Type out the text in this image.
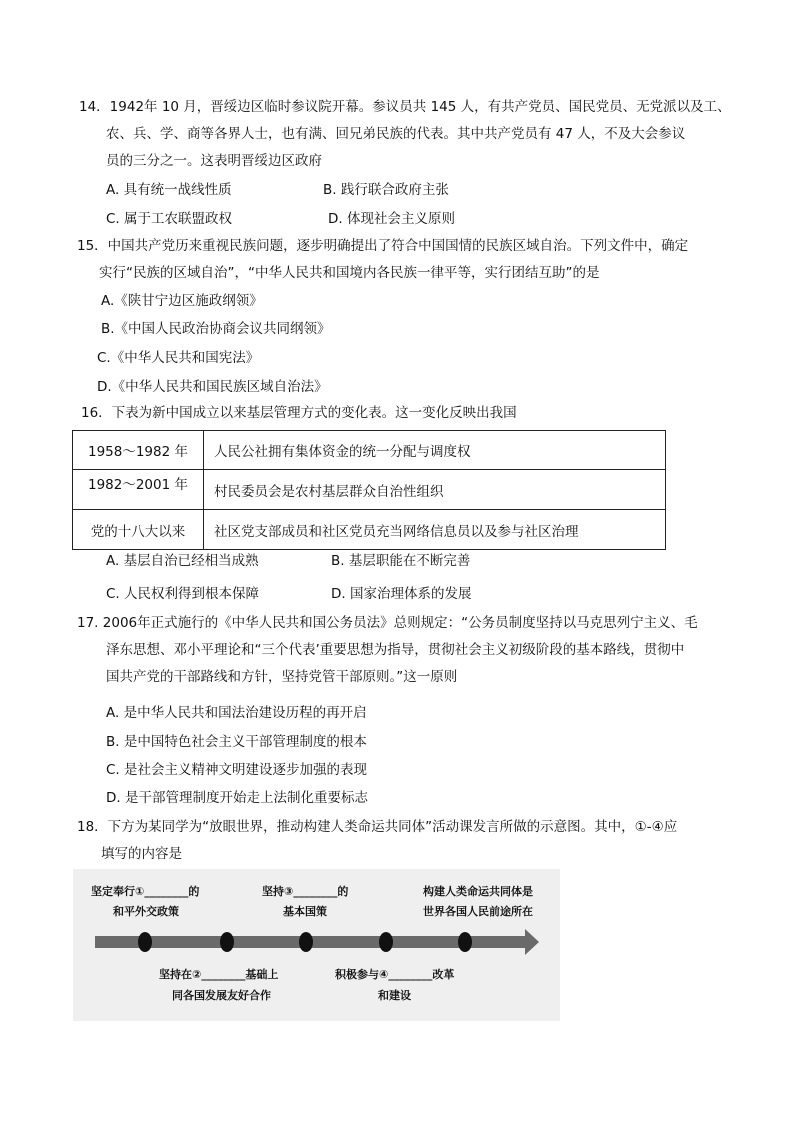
14．1942年 10 月，晋绥边区临时参议院开幕。参议员共 145 人，有共产党员、国民党员、无党派以及工、
农、兵、学、商等各界人士，也有满、回兄弟民族的代表。其中共产党员有 47 人，不及大会参议
员的三分之一。这表明晋绥边区政府
A. 具有统一战线性质	B. 践行联合政府主张
C. 属于工农联盟政权	D. 体现社会主义原则
15．中国共产党历来重视民族问题，逐步明确提出了符合中国国情的民族区域自治。下列文件中，确定
实行“民族的区域自治”，“中华人民共和国境内各民族一律平等，实行团结互助”的是
A.《陕甘宁边区施政纲领》
B.《中国人民政治协商会议共同纲领》
C.《中华人民共和国宪法》
D.《中华人民共和国民族区域自治法》
16．下表为新中国成立以来基层管理方式的变化表。这一变化反映出我国
1958～1982 年	人民公社拥有集体资金的统一分配与调度权
1982～2001 年	村民委员会是农村基层群众自治性组织
党的十八大以来	社区党支部成员和社区党员充当网络信息员以及参与社区治理
A. 基层自治已经相当成熟	B. 基层职能在不断完善
C. 人民权利得到根本保障	D. 国家治理体系的发展
17. 2006年正式施行的《中华人民共和国公务员法》总则规定：“公务员制度坚持以马克思列宁主义、毛
泽东思想、邓小平理论和“三个代表’重要思想为指导，贯彻社会主义初级阶段的基本路线，贯彻中
国共产党的干部路线和方针，坚持党管干部原则。”这一原则
A. 是中华人民共和国法治建设历程的再开启
B. 是中国特色社会主义干部管理制度的根本
C. 是社会主义精神文明建设逐步加强的表现
D. 是干部管理制度开始走上法制化重要标志
18．下方为某同学为“放眼世界，推动构建人类命运共同体”活动课发言所做的示意图。其中，①-④应
填写的内容是
坚定奉行①________的
和平外交政策
坚持③________的
基本国策
构建人类命运共同体是
世界各国人民前途所在
坚持在②________基础上
同各国发展友好合作
积极参与④________改革
和建设
